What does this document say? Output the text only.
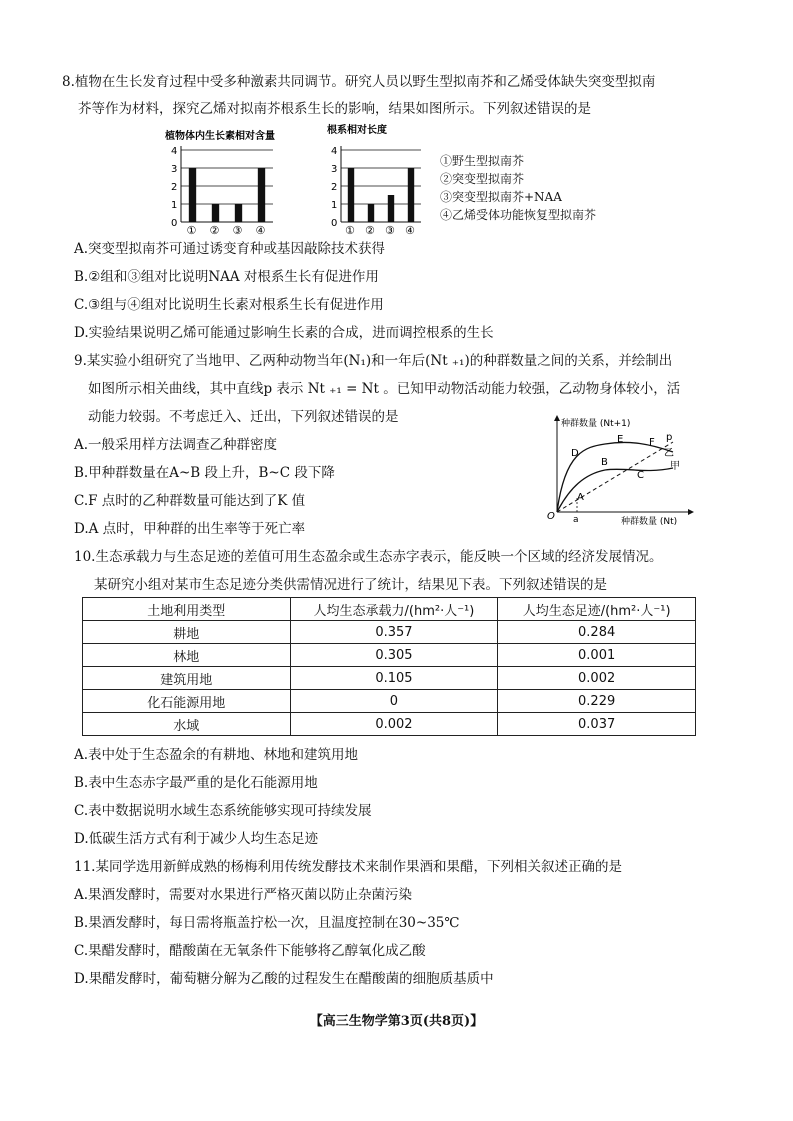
8.植物在生长发育过程中受多种激素共同调节。研究人员以野生型拟南芥和乙烯受体缺失突变型拟南
芥等作为材料，探究乙烯对拟南芥根系生长的影响，结果如图所示。下列叙述错误的是
植物体内生长素相对含量
0
1
2
3
4
① ② ③ ④
根系相对长度
0
1
2
3
4
① ② ③ ④
①野生型拟南芥
②突变型拟南芥
③突变型拟南芥+NAA
④乙烯受体功能恢复型拟南芥
A.突变型拟南芥可通过诱变育种或基因敲除技术获得
B.②组和③组对比说明NAA 对根系生长有促进作用
C.③组与④组对比说明生长素对根系生长有促进作用
D.实验结果说明乙烯可能通过影响生长素的合成，进而调控根系的生长
9.某实验小组研究了当地甲、乙两种动物当年(N₁)和一年后(Nt ₊₁)的种群数量之间的关系，并绘制出
如图所示相关曲线，其中直线p 表示 Nt ₊₁ = Nt 。已知甲动物活动能力较强，乙动物身体较小，活
动能力较弱。不考虑迁入、迁出，下列叙述错误的是	种群数量 (Nt+1)
种群数量 (Nt)
O a
D
E	F p
乙
甲
B
C
A
A.一般采用样方法调查乙种群密度
B.甲种群数量在A~B 段上升，B~C 段下降
C.F 点时的乙种群数量可能达到了K 值
D.A 点时，甲种群的出生率等于死亡率
10.生态承载力与生态足迹的差值可用生态盈余或生态赤字表示，能反映一个区域的经济发展情况。
某研究小组对某市生态足迹分类供需情况进行了统计，结果见下表。下列叙述错误的是
土地利用类型	人均生态承载力/(hm²·人⁻¹)	人均生态足迹/(hm²·人⁻¹)
耕地	0.357	0.284
林地	0.305	0.001
建筑用地	0.105	0.002
化石能源用地	0	0.229
水域	0.002	0.037
A.表中处于生态盈余的有耕地、林地和建筑用地
B.表中生态赤字最严重的是化石能源用地
C.表中数据说明水域生态系统能够实现可持续发展
D.低碳生活方式有利于减少人均生态足迹
11.某同学选用新鲜成熟的杨梅利用传统发酵技术来制作果酒和果醋，下列相关叙述正确的是
A.果酒发酵时，需要对水果进行严格灭菌以防止杂菌污染
B.果酒发酵时，每日需将瓶盖拧松一次，且温度控制在30~35℃
C.果醋发酵时，醋酸菌在无氧条件下能够将乙醇氧化成乙酸
D.果醋发酵时，葡萄糖分解为乙酸的过程发生在醋酸菌的细胞质基质中
【高三生物学第3页(共8页)】
